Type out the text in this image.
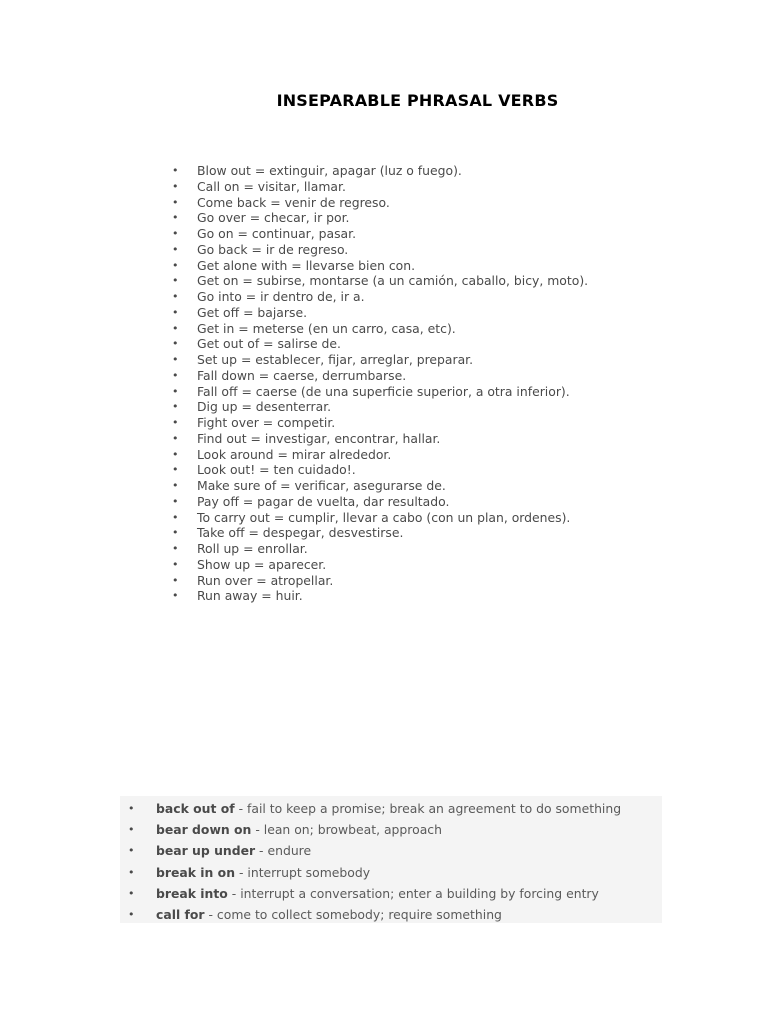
INSEPARABLE PHRASAL VERBS
• Blow out = extinguir, apagar (luz o fuego).
• Call on = visitar, llamar.
• Come back = venir de regreso.
• Go over = checar, ir por.
• Go on = continuar, pasar.
• Go back = ir de regreso.
• Get alone with = llevarse bien con.
• Get on = subirse, montarse (a un camión, caballo, bicy, moto).
• Go into = ir dentro de, ir a.
• Get off = bajarse.
• Get in = meterse (en un carro, casa, etc).
• Get out of = salirse de.
• Set up = establecer, fijar, arreglar, preparar.
• Fall down = caerse, derrumbarse.
• Fall off = caerse (de una superficie superior, a otra inferior).
• Dig up = desenterrar.
• Fight over = competir.
• Find out = investigar, encontrar, hallar.
• Look around = mirar alrededor.
• Look out! = ten cuidado!.
• Make sure of = verificar, asegurarse de.
• Pay off = pagar de vuelta, dar resultado.
• To carry out = cumplir, llevar a cabo (con un plan, ordenes).
• Take off = despegar, desvestirse.
• Roll up = enrollar.
• Show up = aparecer.
• Run over = atropellar.
• Run away = huir.
• back out of - fail to keep a promise; break an agreement to do something
• bear down on - lean on; browbeat, approach
• bear up under - endure
• break in on - interrupt somebody
• break into - interrupt a conversation; enter a building by forcing entry
• call for - come to collect somebody; require something
